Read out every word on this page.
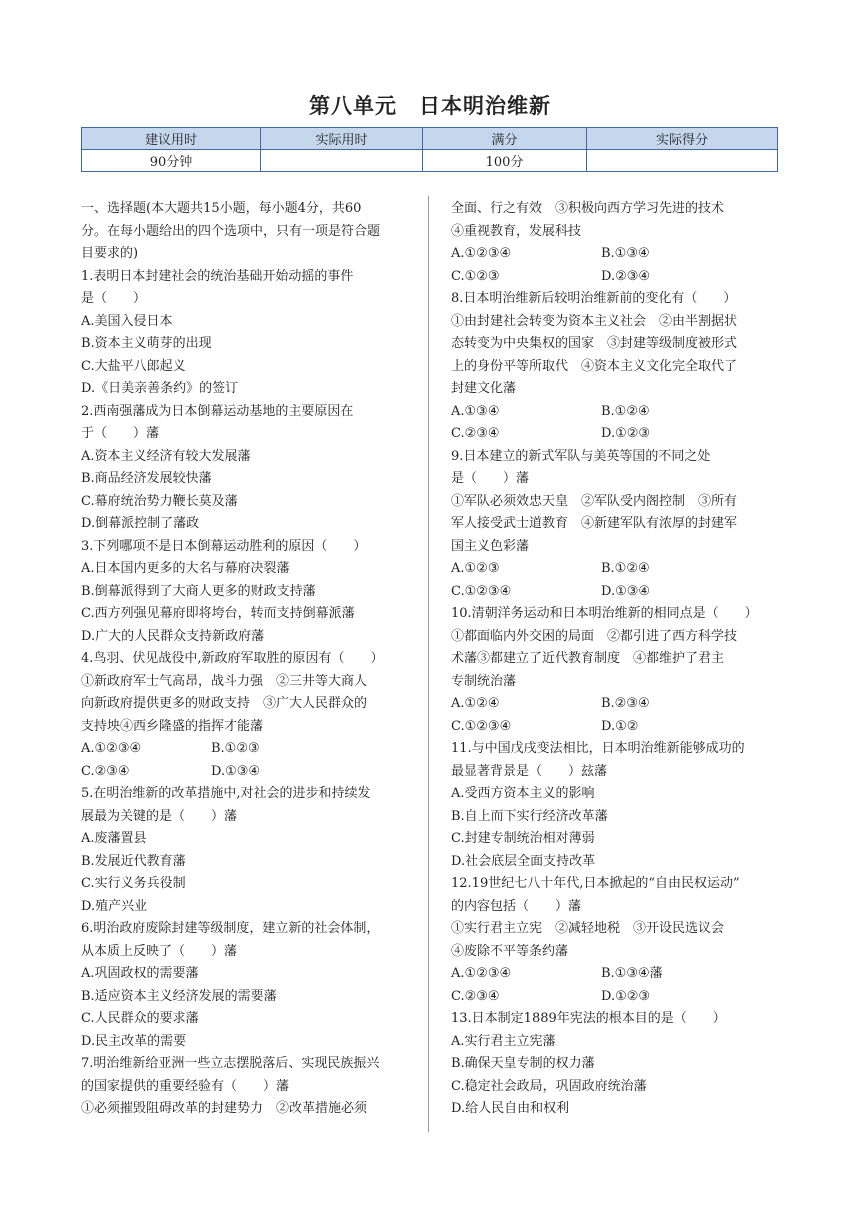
第八单元　日本明治维新
建议用时	实际用时	满分	实际得分
90分钟		100分	
一、选择题(本大题共15小题，每小题4分，共60
分。在每小题给出的四个选项中，只有一项是符合题
目要求的)
1.表明日本封建社会的统治基础开始动摇的事件
是（　　）
A.美国入侵日本
B.资本主义萌芽的出现
C.大盐平八郎起义
D.《日美亲善条约》的签订
2.西南强藩成为日本倒幕运动基地的主要原因在
于（　　）藩
A.资本主义经济有较大发展藩
B.商品经济发展较快藩
C.幕府统治势力鞭长莫及藩
D.倒幕派控制了藩政
3.下列哪项不是日本倒幕运动胜利的原因（　　）
A.日本国内更多的大名与幕府决裂藩
B.倒幕派得到了大商人更多的财政支持藩
C.西方列强见幕府即将垮台，转而支持倒幕派藩
D.广大的人民群众支持新政府藩
4.鸟羽、伏见战役中,新政府军取胜的原因有（　　）
①新政府军士气高昂，战斗力强　②三井等大商人
向新政府提供更多的财政支持　③广大人民群众的
支持坱④西乡隆盛的指挥才能藩
A.①②③④	B.①②③
C.②③④	D.①③④
5.在明治维新的改革措施中,对社会的进步和持续发
展最为关键的是（　　）藩
A.废藩置县
B.发展近代教育藩
C.实行义务兵役制
D.殖产兴业
6.明治政府废除封建等级制度，建立新的社会体制，
从本质上反映了（　　）藩
A.巩固政权的需要藩
B.适应资本主义经济发展的需要藩
C.人民群众的要求藩
D.民主改革的需要
7.明治维新给亚洲一些立志摆脱落后、实现民族振兴
的国家提供的重要经验有（　　）藩
①必须摧毁阻碍改革的封建势力　②改革措施必须
全面、行之有效　③积极向西方学习先进的技术
④重视教育，发展科技
A.①②③④	B.①③④
C.①②③	D.②③④
8.日本明治维新后较明治维新前的变化有（　　）
①由封建社会转变为资本主义社会　②由半割据状
态转变为中央集权的国家　③封建等级制度被形式
上的身份平等所取代　④资本主义文化完全取代了
封建文化藩
A.①③④	B.①②④
C.②③④	D.①②③
9.日本建立的新式军队与美英等国的不同之处
是（　　）藩
①军队必须效忠天皇　②军队受内阁控制　③所有
军人接受武士道教育　④新建军队有浓厚的封建军
国主义色彩藩
A.①②③	B.①②④
C.①②③④	D.①③④
10.清朝洋务运动和日本明治维新的相同点是（　　）
①都面临内外交困的局面　②都引进了西方科学技
术藩③都建立了近代教育制度　④都维护了君主
专制统治藩
A.①②④	B.②③④
C.①②③④	D.①②
11.与中国戊戌变法相比，日本明治维新能够成功的
最显著背景是（　　）玆藩
A.受西方资本主义的影响
B.自上而下实行经济改革藩
C.封建专制统治相对薄弱
D.社会底层全面支持改革
12.19世纪七八十年代,日本掀起的“自由民权运动”
的内容包括（　　）藩
①实行君主立宪　②减轻地税　③开设民选议会
④废除不平等条约藩
A.①②③④	B.①③④藩
C.②③④	D.①②③
13.日本制定1889年宪法的根本目的是（　　）
A.实行君主立宪藩
B.确保天皇专制的权力藩
C.稳定社会政局，巩固政府统治藩
D.给人民自由和权利
